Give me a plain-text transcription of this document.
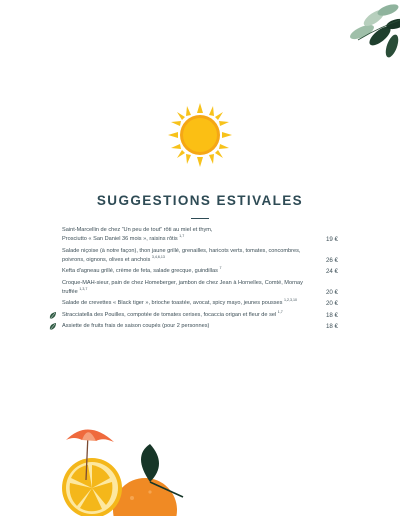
SUGGESTIONS ESTIVALES
Saint-Marcellin de chez “Un peu de tout” rôti au miel et thym,
Prosciutto « San Daniel 36 mois », raisins rôtis $^{1,7}$	19 €
Salade niçoise (à notre façon), thon jaune grillé, grenailles, haricots verts, tomates, concombres, poivrons, oignons, olives et anchois $^{3,4,6,13}$	26 €
Kefta d'agneau grillé, crème de feta, salade grecque, guindillas $^7$	24 €
Croque-MAH-sieur, pain de chez Homeberger, jambon de chez Jean à Hornelles, Comté, Mornay truffée $^{1,3,7}$	20 €
Salade de crevettes « Black tiger », brioche toastée, avocat, spicy mayo, jeunes pousses $^{1,2,3,10}$	20 €
Stracciatella des Pouilles, compotée de tomates cerises, focaccia origan et fleur de sel $^{1,7}$	18 €
Assiette de fruits frais de saison coupés (pour 2 personnes)	18 €
